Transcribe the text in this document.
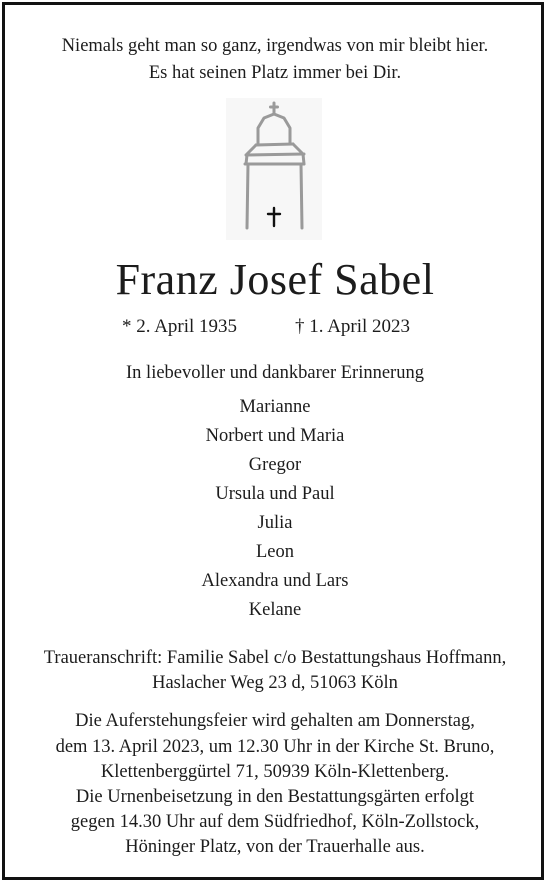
Niemals geht man so ganz, irgendwas von mir bleibt hier.
Es hat seinen Platz immer bei Dir.
Franz Josef Sabel
* 2. April 1935	† 1. April 2023
In liebevoller und dankbarer Erinnerung
Marianne
Norbert und Maria
Gregor
Ursula und Paul
Julia
Leon
Alexandra und Lars
Kelane
Traueranschrift: Familie Sabel c/o Bestattungshaus Hoffmann,
Haslacher Weg 23 d, 51063 Köln
Die Auferstehungsfeier wird gehalten am Donnerstag,
dem 13. April 2023, um 12.30 Uhr in der Kirche St. Bruno,
Klettenberggürtel 71, 50939 Köln-Klettenberg.
Die Urnenbeisetzung in den Bestattungsgärten erfolgt
gegen 14.30 Uhr auf dem Südfriedhof, Köln-Zollstock,
Höninger Platz, von der Trauerhalle aus.
